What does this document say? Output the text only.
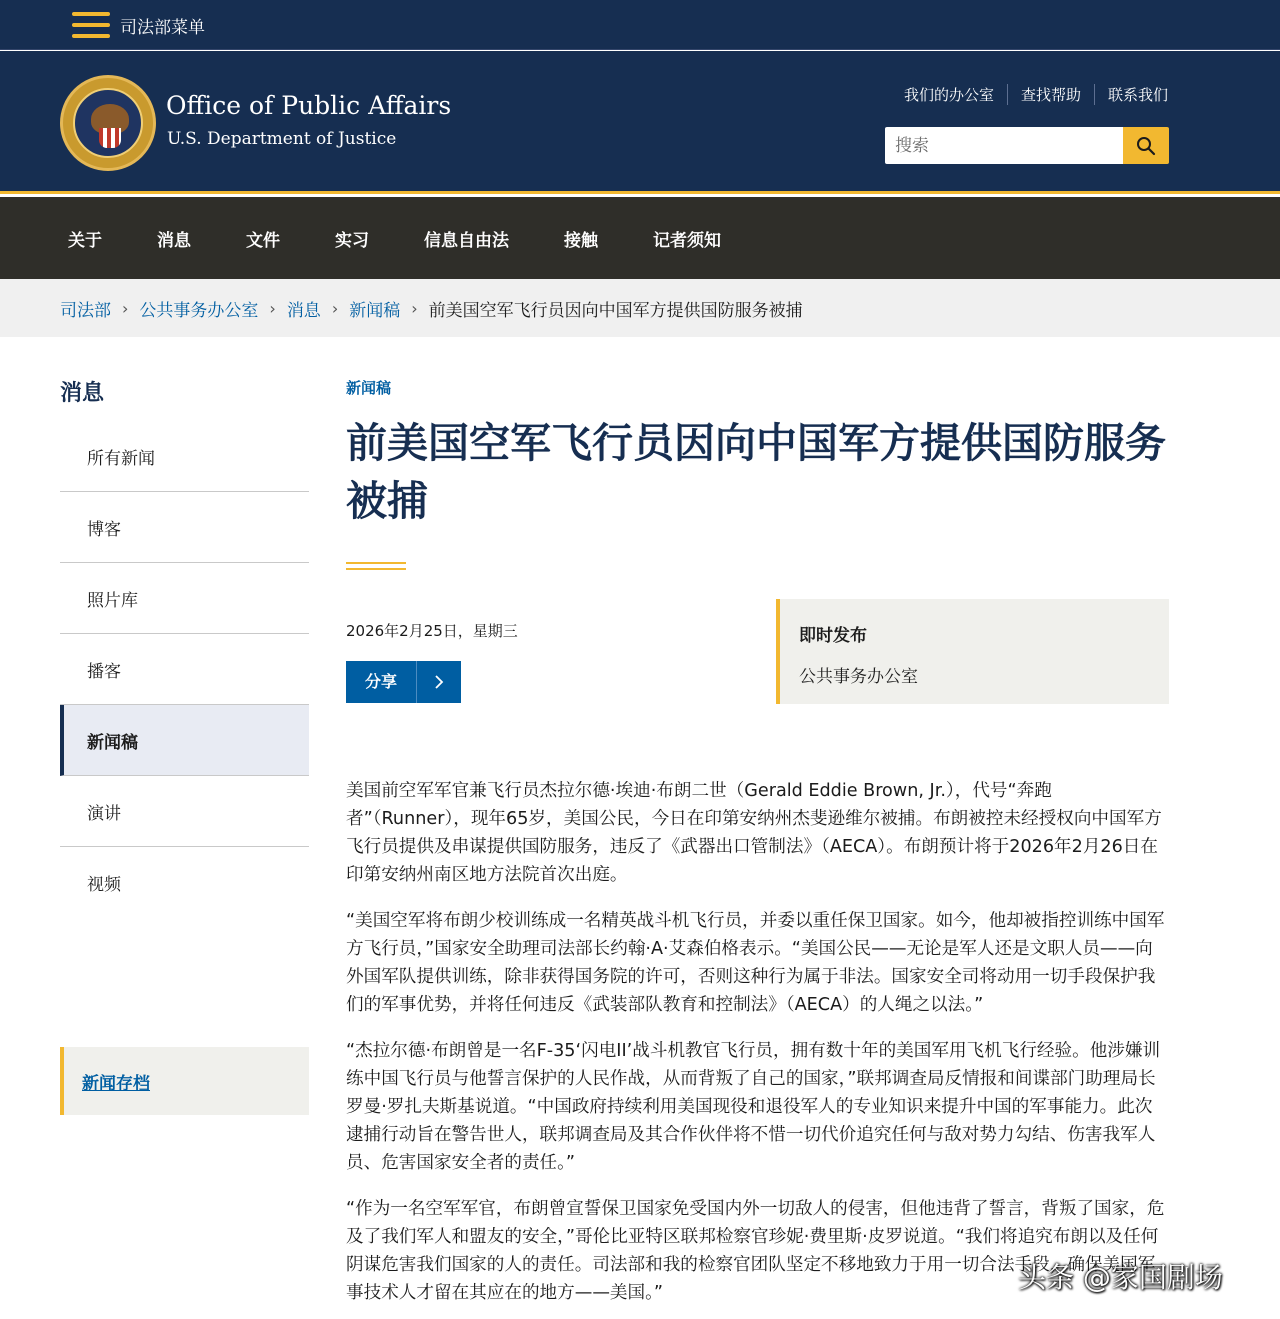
司法部菜单
Office of Public Affairs
U.S. Department of Justice
我们的办公室	查找帮助	联系我们
搜索
关于	消息	文件	实习	信息自由法	接触	记者须知
司法部 › 公共事务办公室 › 消息 › 新闻稿 › 前美国空军飞行员因向中国军方提供国防服务被捕
消息
所有新闻
博客
照片库
播客
新闻稿
演讲
视频
新闻存档
新闻稿
前美国空军飞行员因向中国军方提供国防服务被捕
2026年2月25日，星期三
分享
即时发布
公共事务办公室

美国前空军军官兼飞行员杰拉尔德·埃迪·布朗二世（Gerald Eddie Brown, Jr.），代号“奔跑者”（Runner），现年65岁，美国公民，今日在印第安纳州杰斐逊维尔被捕。布朗被控未经授权向中国军方飞行员提供及串谋提供国防服务，违反了《武器出口管制法》（AECA）。布朗预计将于2026年2月26日在印第安纳州南区地方法院首次出庭。

“美国空军将布朗少校训练成一名精英战斗机飞行员，并委以重任保卫国家。如今，他却被指控训练中国军方飞行员，”国家安全助理司法部长约翰·A·艾森伯格表示。“美国公民——无论是军人还是文职人员——向外国军队提供训练，除非获得国务院的许可，否则这种行为属于非法。国家安全司将动用一切手段保护我们的军事优势，并将任何违反《武装部队教育和控制法》（AECA）的人绳之以法。”

“杰拉尔德·布朗曾是一名F-35‘闪电II’战斗机教官飞行员，拥有数十年的美国军用飞机飞行经验。他涉嫌训练中国飞行员与他誓言保护的人民作战，从而背叛了自己的国家，”联邦调查局反情报和间谍部门助理局长罗曼·罗扎夫斯基说道。“中国政府持续利用美国现役和退役军人的专业知识来提升中国的军事能力。此次逮捕行动旨在警告世人，联邦调查局及其合作伙伴将不惜一切代价追究任何与敌对势力勾结、伤害我军人员、危害国家安全者的责任。”

“作为一名空军军官，布朗曾宣誓保卫国家免受国内外一切敌人的侵害，但他违背了誓言，背叛了国家，危及了我们军人和盟友的安全，”哥伦比亚特区联邦检察官珍妮·费里斯·皮罗说道。“我们将追究布朗以及任何阴谋危害我们国家的人的责任。司法部和我的检察官团队坚定不移地致力于用一切合法手段，确保美国军事技术人才留在其应在的地方——美国。”	头条 @家国剧场
